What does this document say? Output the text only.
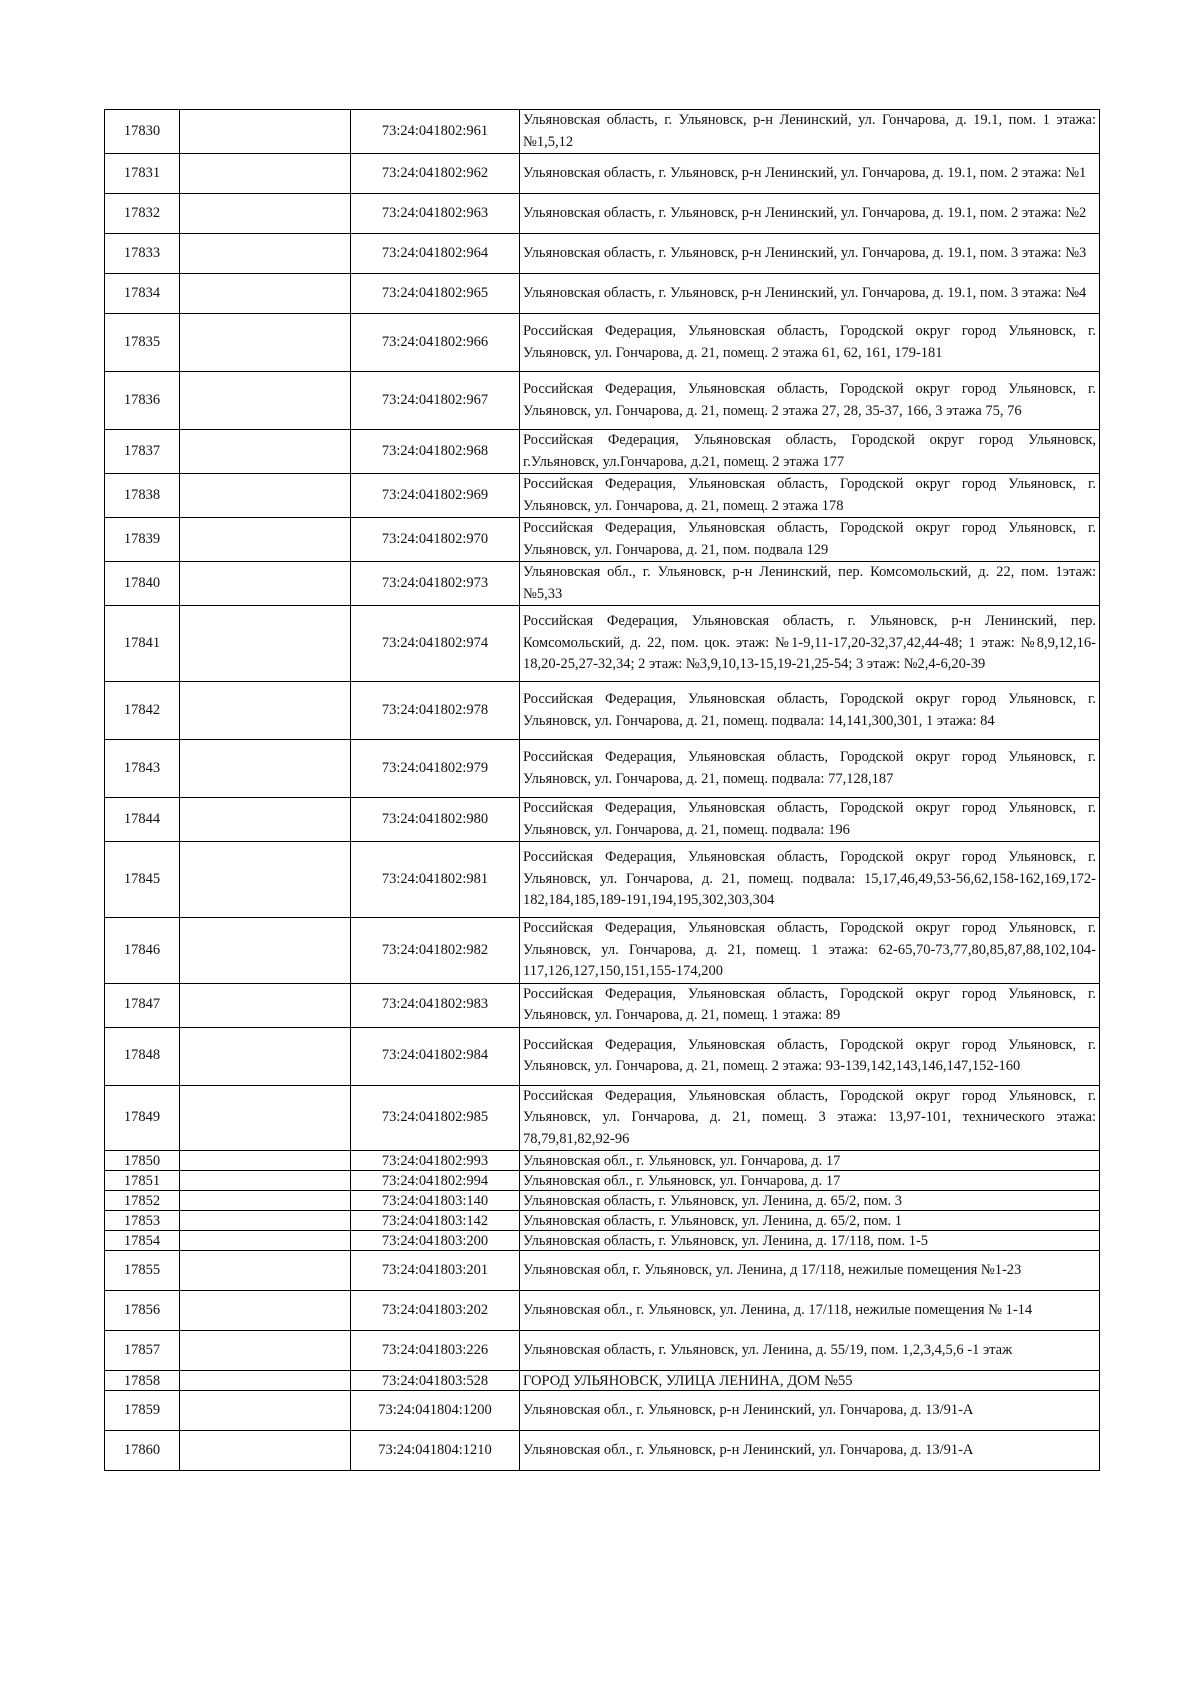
17830		73:24:041802:961	Ульяновская область, г. Ульяновск, р-н Ленинский, ул. Гончарова, д. 19.1, пом. 1 этажа: №1,5,12
17831		73:24:041802:962	Ульяновская область, г. Ульяновск, р-н Ленинский, ул. Гончарова, д. 19.1, пом. 2 этажа: №1
17832		73:24:041802:963	Ульяновская область, г. Ульяновск, р-н Ленинский, ул. Гончарова, д. 19.1, пом. 2 этажа: №2
17833		73:24:041802:964	Ульяновская область, г. Ульяновск, р-н Ленинский, ул. Гончарова, д. 19.1, пом. 3 этажа: №3
17834		73:24:041802:965	Ульяновская область, г. Ульяновск, р-н Ленинский, ул. Гончарова, д. 19.1, пом. 3 этажа: №4
17835		73:24:041802:966	Российская Федерация, Ульяновская область, Городской округ город Ульяновск, г. Ульяновск, ул. Гончарова, д. 21, помещ. 2 этажа 61, 62, 161, 179-181
17836		73:24:041802:967	Российская Федерация, Ульяновская область, Городской округ город Ульяновск, г. Ульяновск, ул. Гончарова, д. 21, помещ. 2 этажа 27, 28, 35-37, 166, 3 этажа 75, 76
17837		73:24:041802:968	Российская Федерация, Ульяновская область, Городской округ город Ульяновск, г.Ульяновск, ул.Гончарова, д.21, помещ. 2 этажа 177
17838		73:24:041802:969	Российская Федерация, Ульяновская область, Городской округ город Ульяновск, г. Ульяновск, ул. Гончарова, д. 21, помещ. 2 этажа 178
17839		73:24:041802:970	Российская Федерация, Ульяновская область, Городской округ город Ульяновск, г. Ульяновск, ул. Гончарова, д. 21, пом. подвала 129
17840		73:24:041802:973	Ульяновская обл., г. Ульяновск, р-н Ленинский, пер. Комсомольский, д. 22, пом. 1этаж: №5,33
17841		73:24:041802:974	Российская Федерация, Ульяновская область, г. Ульяновск, р-н Ленинский, пер. Комсомольский, д. 22, пом. цок. этаж: №1-9,11-17,20-32,37,42,44-48; 1 этаж: №8,9,12,16-18,20-25,27-32,34; 2 этаж: №3,9,10,13-15,19-21,25-54; 3 этаж: №2,4-6,20-39
17842		73:24:041802:978	Российская Федерация, Ульяновская область, Городской округ город Ульяновск, г. Ульяновск, ул. Гончарова, д. 21, помещ. подвала: 14,141,300,301, 1 этажа: 84
17843		73:24:041802:979	Российская Федерация, Ульяновская область, Городской округ город Ульяновск, г. Ульяновск, ул. Гончарова, д. 21, помещ. подвала: 77,128,187
17844		73:24:041802:980	Российская Федерация, Ульяновская область, Городской округ город Ульяновск, г. Ульяновск, ул. Гончарова, д. 21, помещ. подвала: 196
17845		73:24:041802:981	Российская Федерация, Ульяновская область, Городской округ город Ульяновск, г. Ульяновск, ул. Гончарова, д. 21, помещ. подвала: 15,17,46,49,53-56,62,158-162,169,172-182,184,185,189-191,194,195,302,303,304
17846		73:24:041802:982	Российская Федерация, Ульяновская область, Городской округ город Ульяновск, г. Ульяновск, ул. Гончарова, д. 21, помещ. 1 этажа: 62-65,70-73,77,80,85,87,88,102,104-117,126,127,150,151,155-174,200
17847		73:24:041802:983	Российская Федерация, Ульяновская область, Городской округ город Ульяновск, г. Ульяновск, ул. Гончарова, д. 21, помещ. 1 этажа: 89
17848		73:24:041802:984	Российская Федерация, Ульяновская область, Городской округ город Ульяновск, г. Ульяновск, ул. Гончарова, д. 21, помещ. 2 этажа: 93-139,142,143,146,147,152-160
17849		73:24:041802:985	Российская Федерация, Ульяновская область, Городской округ город Ульяновск, г. Ульяновск, ул. Гончарова, д. 21, помещ. 3 этажа: 13,97-101, технического этажа: 78,79,81,82,92-96
17850		73:24:041802:993	Ульяновская обл., г. Ульяновск, ул. Гончарова, д. 17
17851		73:24:041802:994	Ульяновская обл., г. Ульяновск, ул. Гончарова, д. 17
17852		73:24:041803:140	Ульяновская область, г. Ульяновск, ул. Ленина, д. 65/2, пом. 3
17853		73:24:041803:142	Ульяновская область, г. Ульяновск, ул. Ленина, д. 65/2, пом. 1
17854		73:24:041803:200	Ульяновская область, г. Ульяновск, ул. Ленина, д. 17/118, пом. 1-5
17855		73:24:041803:201	Ульяновская обл, г. Ульяновск, ул. Ленина, д 17/118, нежилые помещения №1-23
17856		73:24:041803:202	Ульяновская обл., г. Ульяновск, ул. Ленина, д. 17/118, нежилые помещения № 1-14
17857		73:24:041803:226	Ульяновская область, г. Ульяновск, ул. Ленина, д. 55/19, пом. 1,2,3,4,5,6 -1 этаж
17858		73:24:041803:528	ГОРОД УЛЬЯНОВСК, УЛИЦА ЛЕНИНА, ДОМ №55
17859		73:24:041804:1200	Ульяновская обл., г. Ульяновск, р-н Ленинский, ул. Гончарова, д. 13/91-А
17860		73:24:041804:1210	Ульяновская обл., г. Ульяновск, р-н Ленинский, ул. Гончарова, д. 13/91-А
